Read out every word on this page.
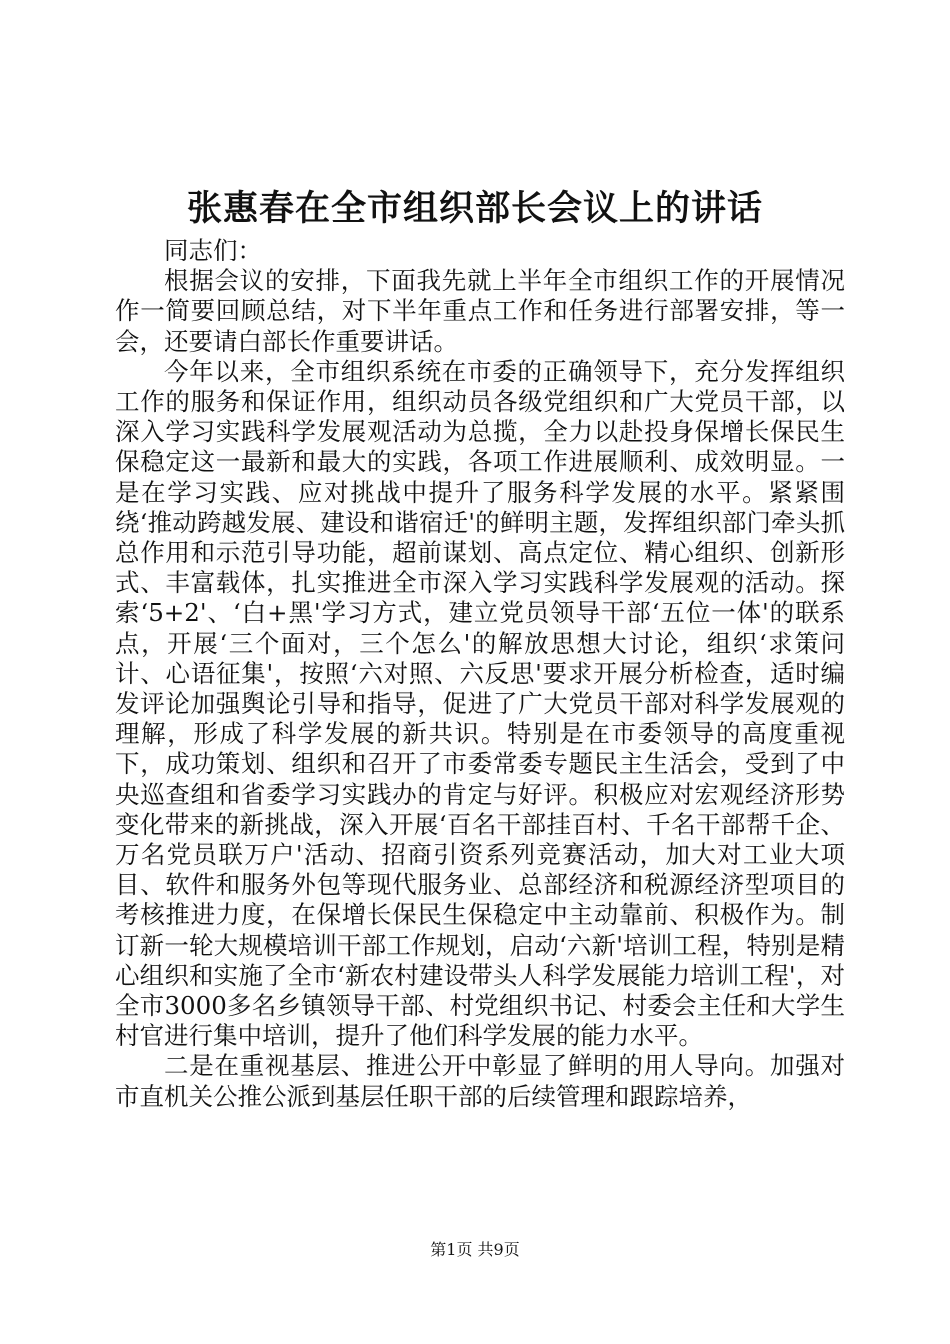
张惠春在全市组织部长会议上的讲话

同志们：

根据会议的安排，下面我先就上半年全市组织工作的开展情况作一简要回顾总结，对下半年重点工作和任务进行部署安排，等一会，还要请白部长作重要讲话。

今年以来，全市组织系统在市委的正确领导下，充分发挥组织工作的服务和保证作用，组织动员各级党组织和广大党员干部，以深入学习实践科学发展观活动为总揽，全力以赴投身保增长保民生保稳定这一最新和最大的实践，各项工作进展顺利、成效明显。一是在学习实践、应对挑战中提升了服务科学发展的水平。紧紧围绕‘推动跨越发展、建设和谐宿迁'的鲜明主题，发挥组织部门牵头抓总作用和示范引导功能，超前谋划、高点定位、精心组织、创新形式、丰富载体，扎实推进全市深入学习实践科学发展观的活动。探索‘5+2'、‘白+黑'学习方式，建立党员领导干部‘五位一体'的联系点，开展‘三个面对，三个怎么'的解放思想大讨论，组织‘求策问计、心语征集'，按照‘六对照、六反思'要求开展分析检查，适时编发评论加强舆论引导和指导，促进了广大党员干部对科学发展观的理解，形成了科学发展的新共识。特别是在市委领导的高度重视下，成功策划、组织和召开了市委常委专题民主生活会，受到了中央巡查组和省委学习实践办的肯定与好评。积极应对宏观经济形势变化带来的新挑战，深入开展‘百名干部挂百村、千名干部帮千企、万名党员联万户'活动、招商引资系列竞赛活动，加大对工业大项目、软件和服务外包等现代服务业、总部经济和税源经济型项目的考核推进力度，在保增长保民生保稳定中主动靠前、积极作为。制订新一轮大规模培训干部工作规划，启动‘六新'培训工程，特别是精心组织和实施了全市‘新农村建设带头人科学发展能力培训工程'，对全市3000多名乡镇领导干部、村党组织书记、村委会主任和大学生村官进行集中培训，提升了他们科学发展的能力水平。

二是在重视基层、推进公开中彰显了鲜明的用人导向。加强对市直机关公推公派到基层任职干部的后续管理和跟踪培养，

第1页 共9页
